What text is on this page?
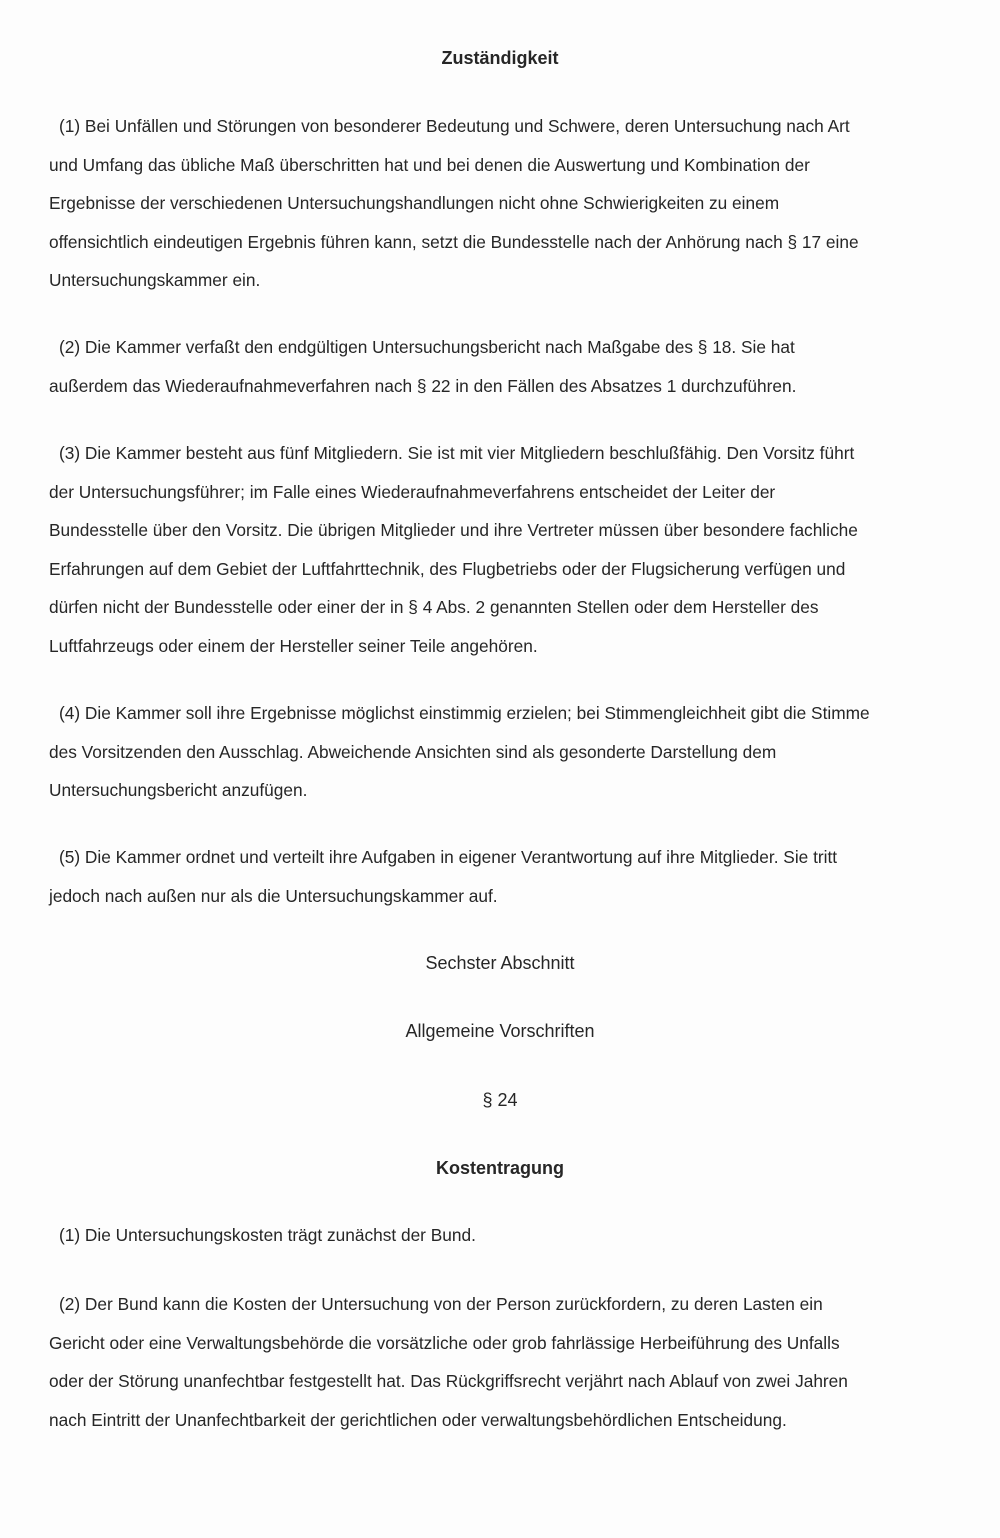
Zuständigkeit

(1) Bei Unfällen und Störungen von besonderer Bedeutung und Schwere, deren Untersuchung nach Art
und Umfang das übliche Maß überschritten hat und bei denen die Auswertung und Kombination der
Ergebnisse der verschiedenen Untersuchungshandlungen nicht ohne Schwierigkeiten zu einem
offensichtlich eindeutigen Ergebnis führen kann, setzt die Bundesstelle nach der Anhörung nach § 17 eine
Untersuchungskammer ein.

(2) Die Kammer verfaßt den endgültigen Untersuchungsbericht nach Maßgabe des § 18. Sie hat
außerdem das Wiederaufnahmeverfahren nach § 22 in den Fällen des Absatzes 1 durchzuführen.

(3) Die Kammer besteht aus fünf Mitgliedern. Sie ist mit vier Mitgliedern beschlußfähig. Den Vorsitz führt
der Untersuchungsführer; im Falle eines Wiederaufnahmeverfahrens entscheidet der Leiter der
Bundesstelle über den Vorsitz. Die übrigen Mitglieder und ihre Vertreter müssen über besondere fachliche
Erfahrungen auf dem Gebiet der Luftfahrttechnik, des Flugbetriebs oder der Flugsicherung verfügen und
dürfen nicht der Bundesstelle oder einer der in § 4 Abs. 2 genannten Stellen oder dem Hersteller des
Luftfahrzeugs oder einem der Hersteller seiner Teile angehören.

(4) Die Kammer soll ihre Ergebnisse möglichst einstimmig erzielen; bei Stimmengleichheit gibt die Stimme
des Vorsitzenden den Ausschlag. Abweichende Ansichten sind als gesonderte Darstellung dem
Untersuchungsbericht anzufügen.

(5) Die Kammer ordnet und verteilt ihre Aufgaben in eigener Verantwortung auf ihre Mitglieder. Sie tritt
jedoch nach außen nur als die Untersuchungskammer auf.

Sechster Abschnitt
Allgemeine Vorschriften
§ 24
Kostentragung

(1) Die Untersuchungskosten trägt zunächst der Bund.

(2) Der Bund kann die Kosten der Untersuchung von der Person zurückfordern, zu deren Lasten ein
Gericht oder eine Verwaltungsbehörde die vorsätzliche oder grob fahrlässige Herbeiführung des Unfalls
oder der Störung unanfechtbar festgestellt hat. Das Rückgriffsrecht verjährt nach Ablauf von zwei Jahren
nach Eintritt der Unanfechtbarkeit der gerichtlichen oder verwaltungsbehördlichen Entscheidung.
